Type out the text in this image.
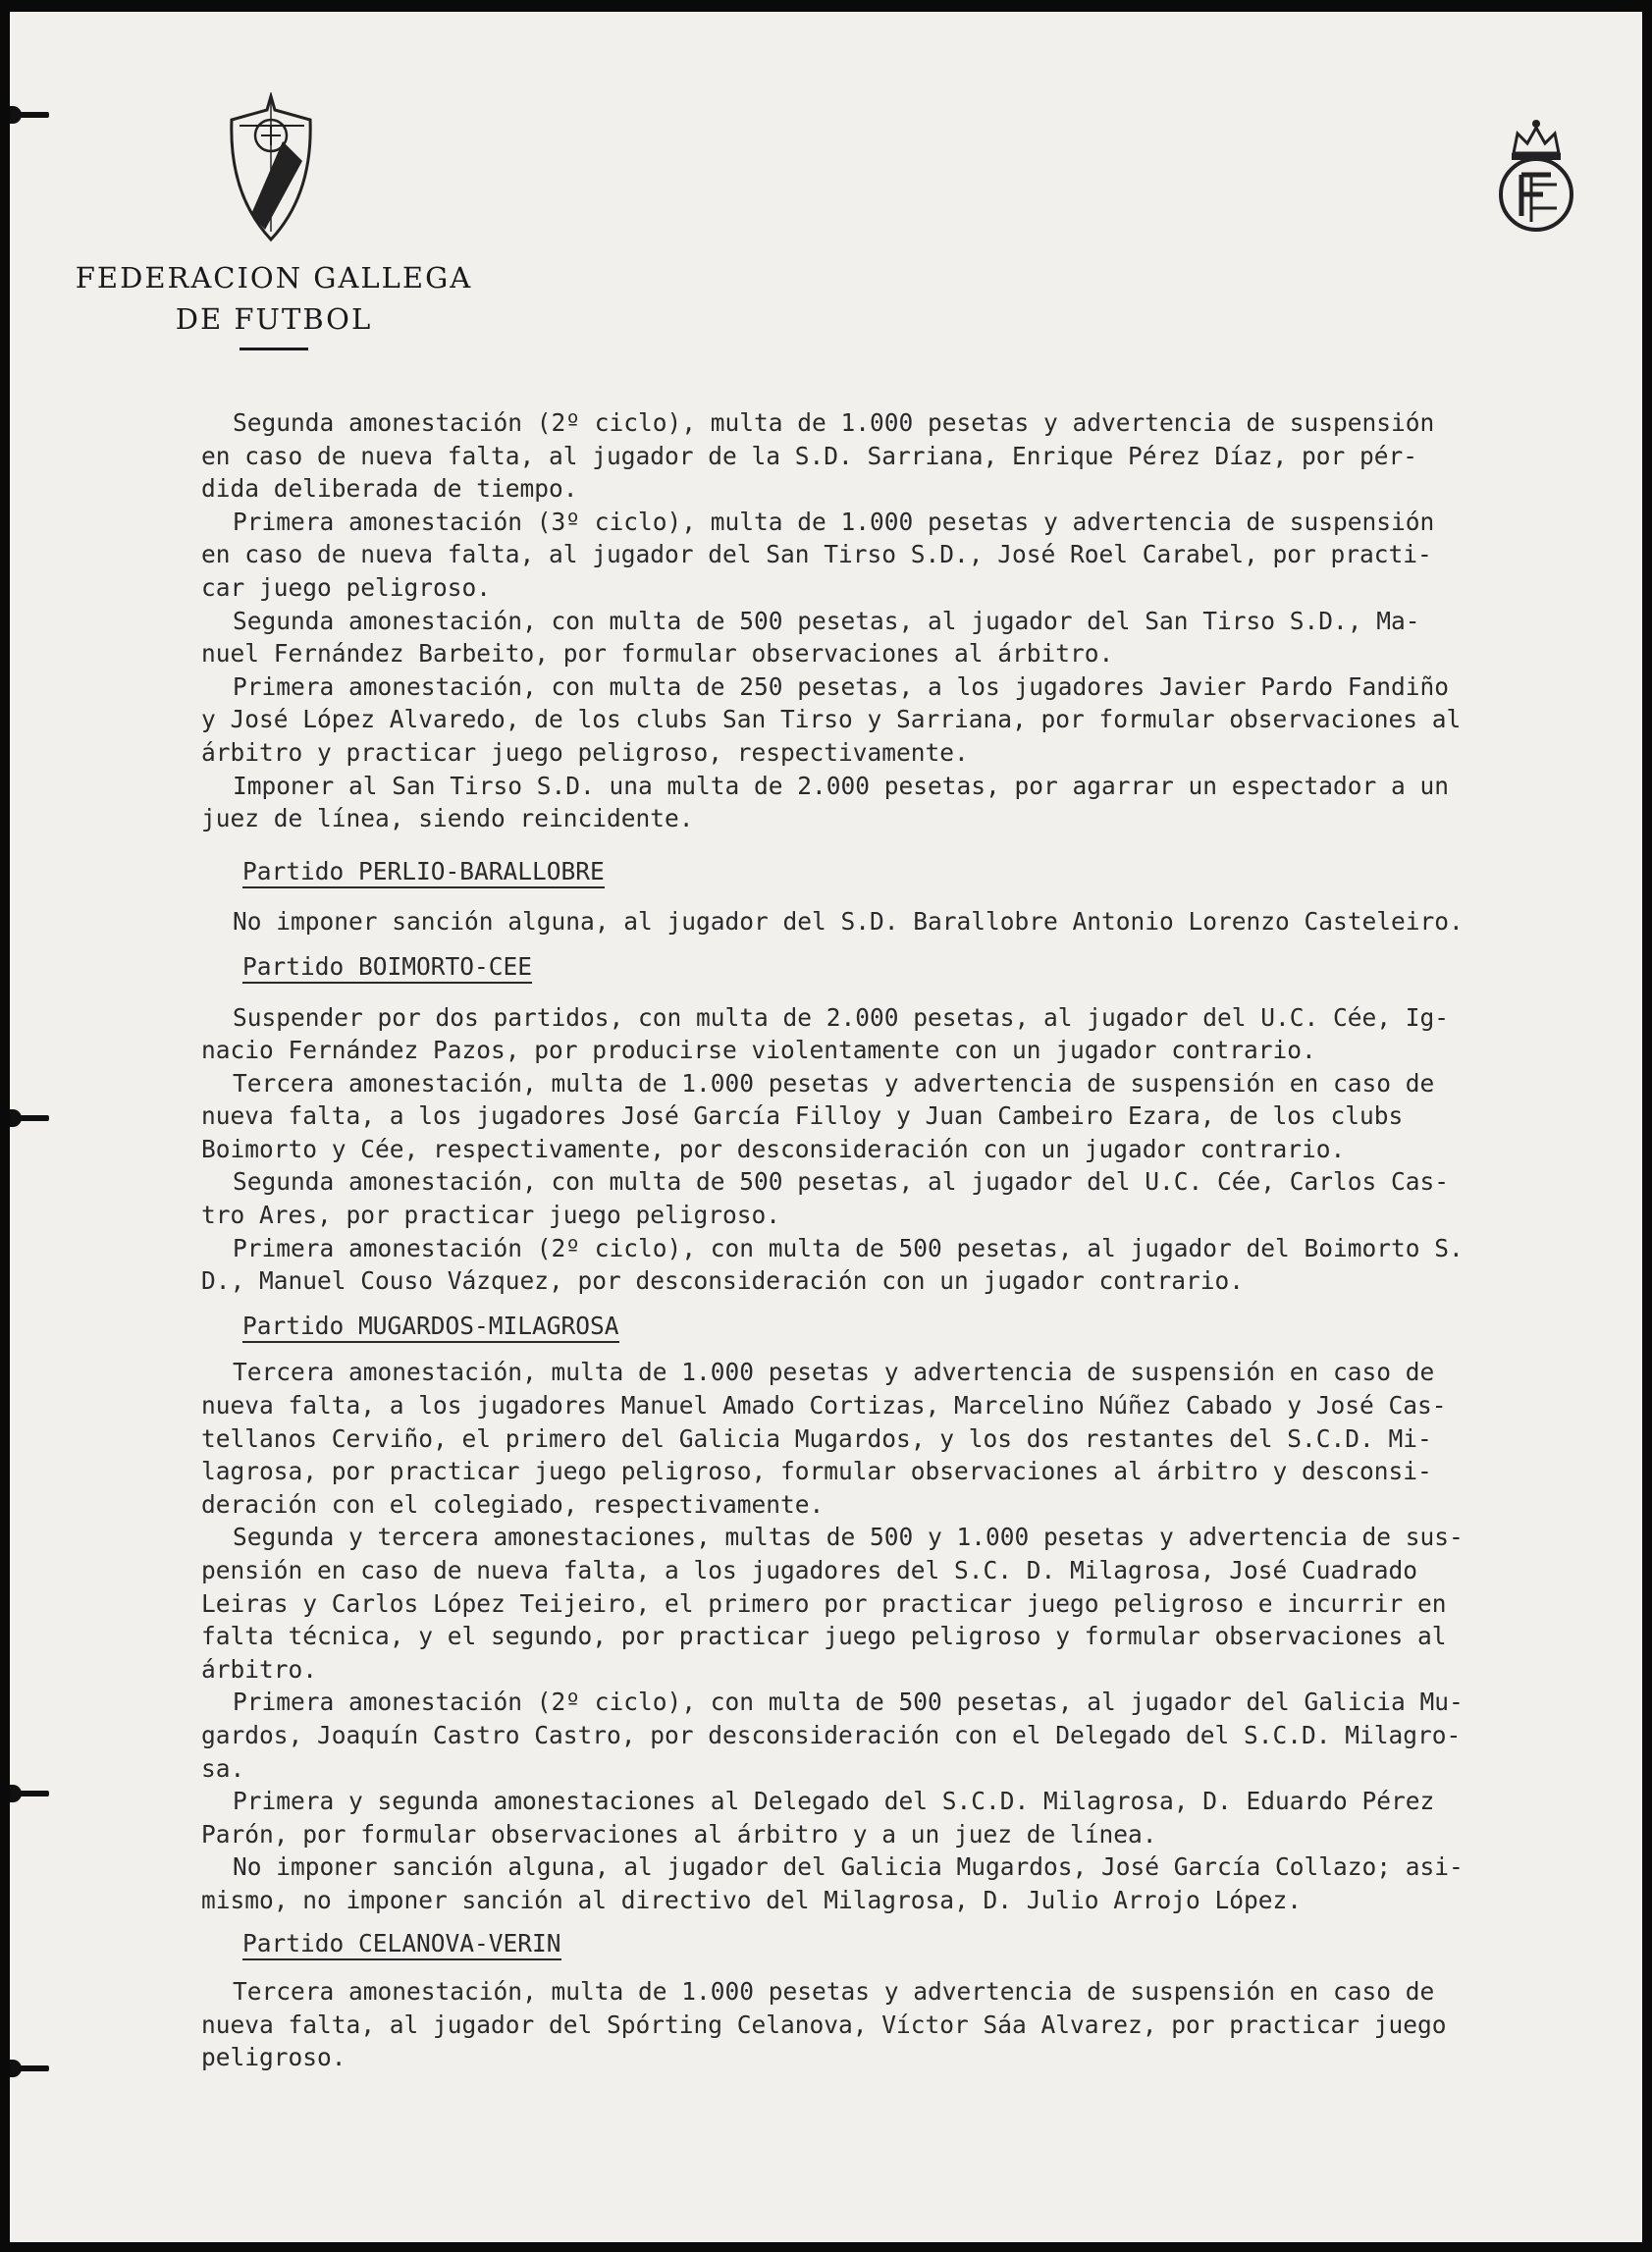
FEDERACION GALLEGA
DE FUTBOL

Segunda amonestación (2º ciclo), multa de 1.000 pesetas y advertencia de suspensión

en caso de nueva falta, al jugador de la S.D. Sarriana, Enrique Pérez Díaz, por pér-

dida deliberada de tiempo.

Primera amonestación (3º ciclo), multa de 1.000 pesetas y advertencia de suspensión

en caso de nueva falta, al jugador del San Tirso S.D., José Roel Carabel, por practi-

car juego peligroso.

Segunda amonestación, con multa de 500 pesetas, al jugador del San Tirso S.D., Ma-

nuel Fernández Barbeito, por formular observaciones al árbitro.

Primera amonestación, con multa de 250 pesetas, a los jugadores Javier Pardo Fandiño

y José López Alvaredo, de los clubs San Tirso y Sarriana, por formular observaciones al

árbitro y practicar juego peligroso, respectivamente.

Imponer al San Tirso S.D. una multa de 2.000 pesetas, por agarrar un espectador a un

juez de línea, siendo reincidente.

Partido PERLIO-BARALLOBRE

No imponer sanción alguna, al jugador del S.D. Barallobre Antonio Lorenzo Casteleiro.

Partido BOIMORTO-CEE

Suspender por dos partidos, con multa de 2.000 pesetas, al jugador del U.C. Cée, Ig-

nacio Fernández Pazos, por producirse violentamente con un jugador contrario.

Tercera amonestación, multa de 1.000 pesetas y advertencia de suspensión en caso de

nueva falta, a los jugadores José García Filloy y Juan Cambeiro Ezara, de los clubs

Boimorto y Cée, respectivamente, por desconsideración con un jugador contrario.

Segunda amonestación, con multa de 500 pesetas, al jugador del U.C. Cée, Carlos Cas-

tro Ares, por practicar juego peligroso.

Primera amonestación (2º ciclo), con multa de 500 pesetas, al jugador del Boimorto S.

D., Manuel Couso Vázquez, por desconsideración con un jugador contrario.

Partido MUGARDOS-MILAGROSA

Tercera amonestación, multa de 1.000 pesetas y advertencia de suspensión en caso de

nueva falta, a los jugadores Manuel Amado Cortizas, Marcelino Núñez Cabado y José Cas-

tellanos Cerviño, el primero del Galicia Mugardos, y los dos restantes del S.C.D. Mi-

lagrosa, por practicar juego peligroso, formular observaciones al árbitro y desconsi-

deración con el colegiado, respectivamente.

Segunda y tercera amonestaciones, multas de 500 y 1.000 pesetas y advertencia de sus-

pensión en caso de nueva falta, a los jugadores del S.C. D. Milagrosa, José Cuadrado

Leiras y Carlos López Teijeiro, el primero por practicar juego peligroso e incurrir en

falta técnica, y el segundo, por practicar juego peligroso y formular observaciones al

árbitro.

Primera amonestación (2º ciclo), con multa de 500 pesetas, al jugador del Galicia Mu-

gardos, Joaquín Castro Castro, por desconsideración con el Delegado del S.C.D. Milagro-

sa.

Primera y segunda amonestaciones al Delegado del S.C.D. Milagrosa, D. Eduardo Pérez

Parón, por formular observaciones al árbitro y a un juez de línea.

No imponer sanción alguna, al jugador del Galicia Mugardos, José García Collazo; asi-

mismo, no imponer sanción al directivo del Milagrosa, D. Julio Arrojo López.

Partido CELANOVA-VERIN

Tercera amonestación, multa de 1.000 pesetas y advertencia de suspensión en caso de

nueva falta, al jugador del Spórting Celanova, Víctor Sáa Alvarez, por practicar juego

peligroso.
